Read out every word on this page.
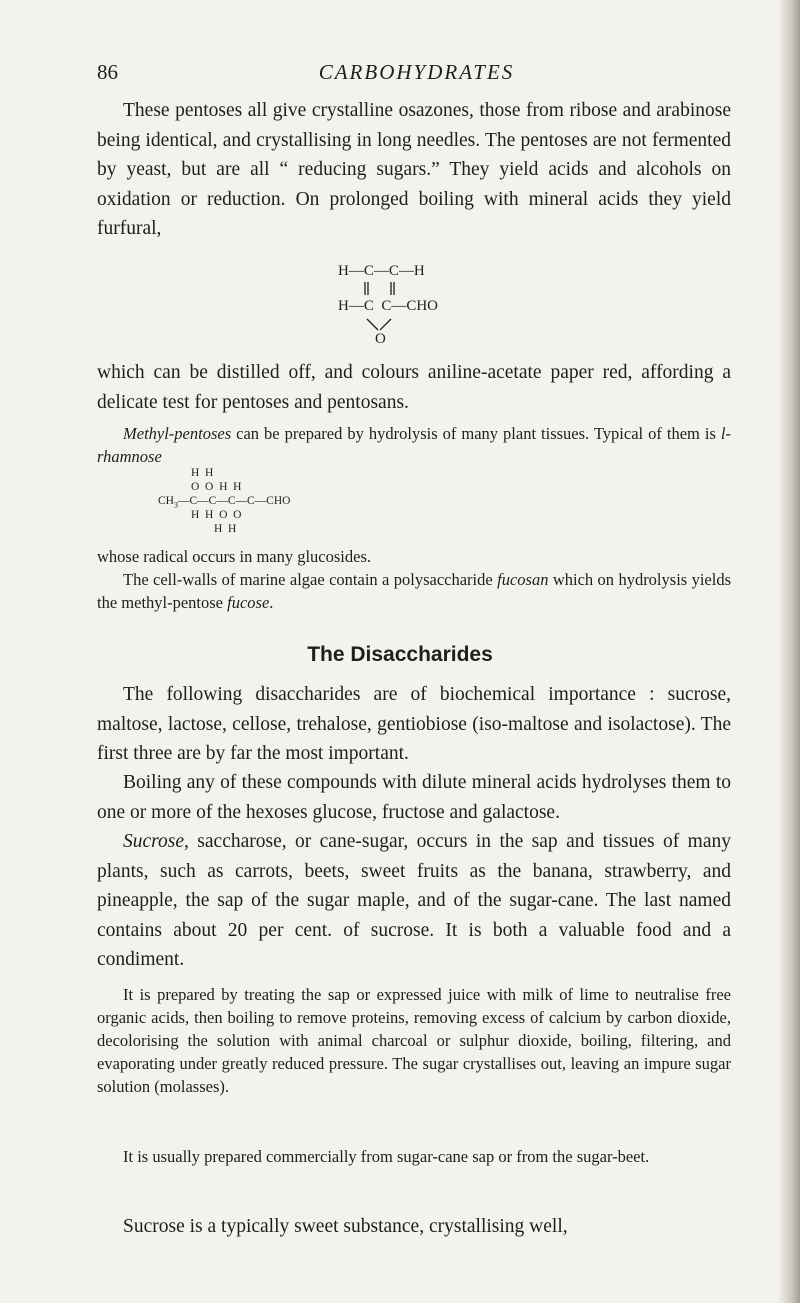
86	CARBOHYDRATES

These pentoses all give crystalline osazones, those from ribose and arabinose being identical, and crystallising in long needles. The pentoses are not fermented by yeast, but are all “ reducing sugars.” They yield acids and alcohols on oxidation or reduction. On prolonged boiling with mineral acids they yield furfural,

H—C—C—H
H—C  C—CHO
O

which can be distilled off, and colours aniline-acetate paper red, affording a delicate test for pentoses and pentosans.

Methyl-pentoses can be prepared by hydrolysis of many plant tissues. Typical of them is l-rhamnose

H  H
O  O  H  H
$CH_3—C—C—C—C—CHO$
H  H  O  O
H  H

whose radical occurs in many glucosides.

The cell-walls of marine algae contain a polysaccharide fucosan which on hydrolysis yields the methyl-pentose fucose.

The Disaccharides

The following disaccharides are of biochemical importance : sucrose, maltose, lactose, cellose, trehalose, gentiobiose (iso-maltose and isolactose). The first three are by far the most important.

Boiling any of these compounds with dilute mineral acids hydrolyses them to one or more of the hexoses glucose, fructose and galactose.

Sucrose, saccharose, or cane-sugar, occurs in the sap and tissues of many plants, such as carrots, beets, sweet fruits as the banana, strawberry, and pineapple, the sap of the sugar maple, and of the sugar-cane. The last named contains about 20 per cent. of sucrose. It is both a valuable food and a condiment.

It is prepared by treating the sap or expressed juice with milk of lime to neutralise free organic acids, then boiling to remove proteins, removing excess of calcium by carbon dioxide, decolorising the solution with animal charcoal or sulphur dioxide, boiling, filtering, and evaporating under greatly reduced pressure. The sugar crystallises out, leaving an impure sugar solution (molasses).

It is usually prepared commercially from sugar-cane sap or from the sugar-beet.

Sucrose is a typically sweet substance, crystallising well,
